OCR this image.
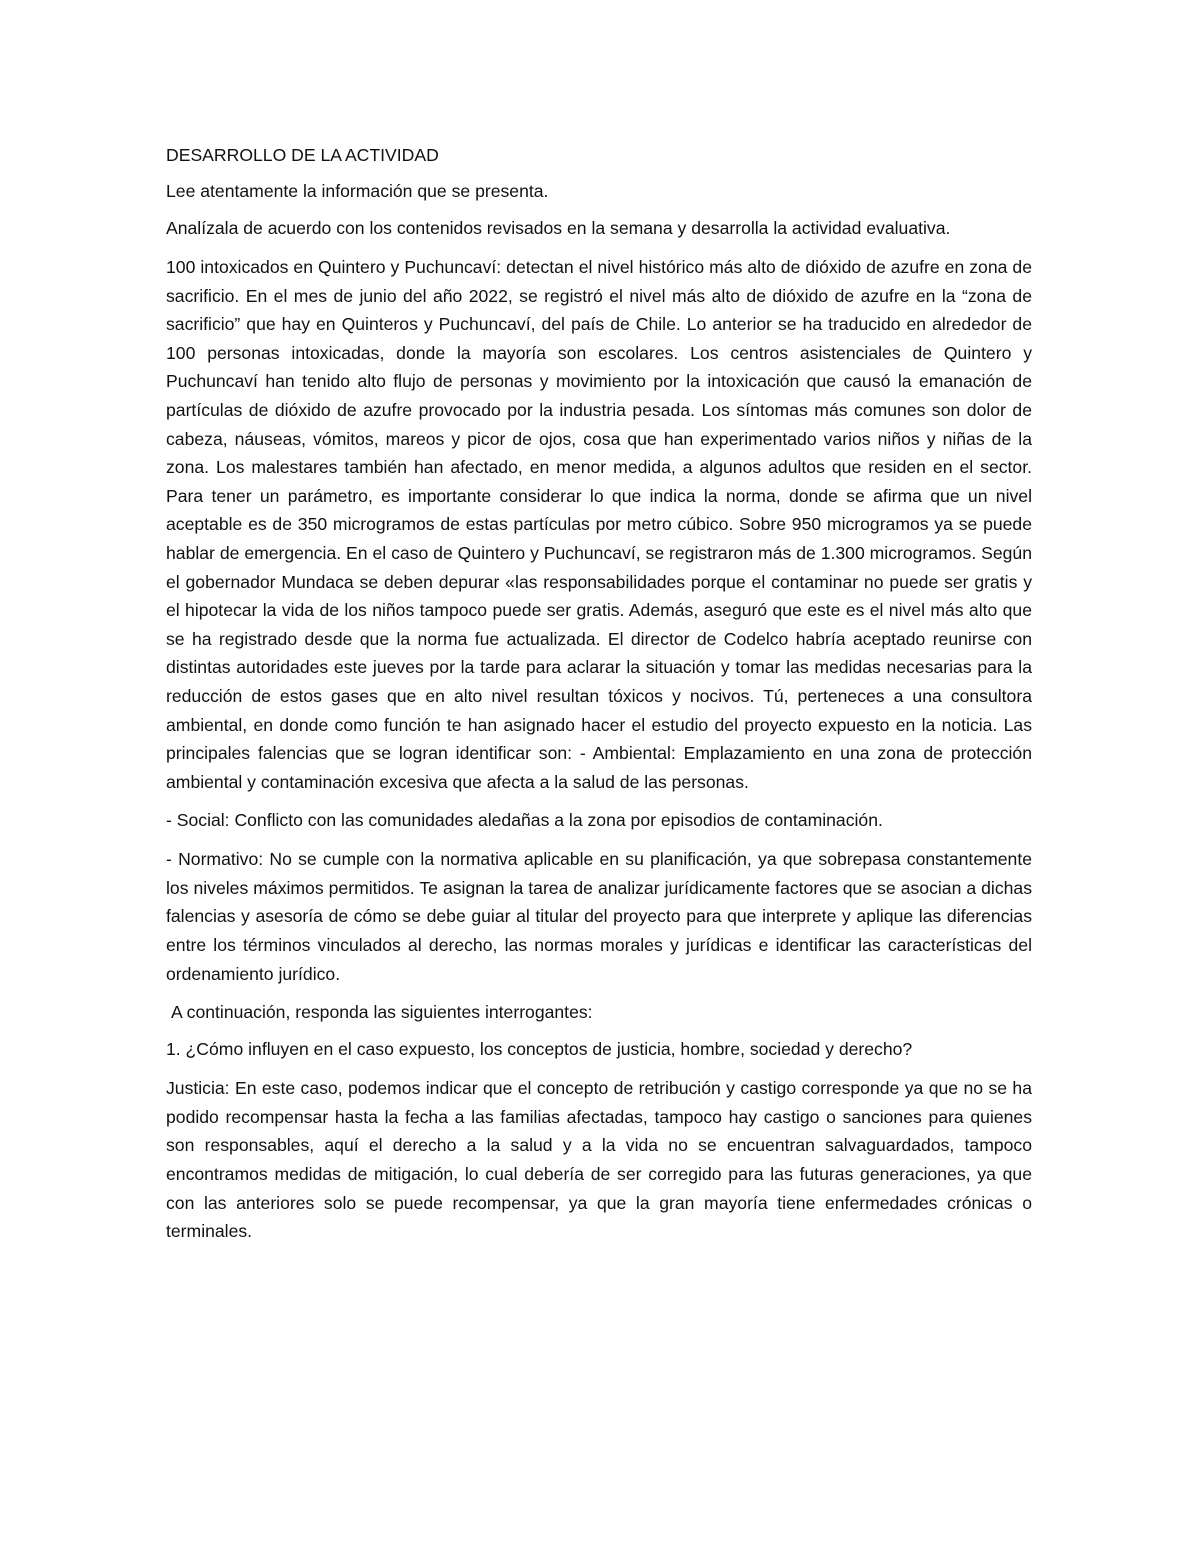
DESARROLLO DE LA ACTIVIDAD

Lee atentamente la información que se presenta.

Analízala de acuerdo con los contenidos revisados en la semana y desarrolla la actividad evaluativa.

100 intoxicados en Quintero y Puchuncaví: detectan el nivel histórico más alto de dióxido de azufre en zona de sacrificio. En el mes de junio del año 2022, se registró el nivel más alto de dióxido de azufre en la “zona de sacrificio” que hay en Quinteros y Puchuncaví, del país de Chile. Lo anterior se ha traducido en alrededor de 100 personas intoxicadas, donde la mayoría son escolares. Los centros asistenciales de Quintero y Puchuncaví han tenido alto flujo de personas y movimiento por la intoxicación que causó la emanación de partículas de dióxido de azufre provocado por la industria pesada. Los síntomas más comunes son dolor de cabeza, náuseas, vómitos, mareos y picor de ojos, cosa que han experimentado varios niños y niñas de la zona. Los malestares también han afectado, en menor medida, a algunos adultos que residen en el sector. Para tener un parámetro, es importante considerar lo que indica la norma, donde se afirma que un nivel aceptable es de 350 microgramos de estas partículas por metro cúbico. Sobre 950 microgramos ya se puede hablar de emergencia. En el caso de Quintero y Puchuncaví, se registraron más de 1.300 microgramos. Según el gobernador Mundaca se deben depurar «las responsabilidades porque el contaminar no puede ser gratis y el hipotecar la vida de los niños tampoco puede ser gratis. Además, aseguró que este es el nivel más alto que se ha registrado desde que la norma fue actualizada. El director de Codelco habría aceptado reunirse con distintas autoridades este jueves por la tarde para aclarar la situación y tomar las medidas necesarias para la reducción de estos gases que en alto nivel resultan tóxicos y nocivos. Tú, perteneces a una consultora ambiental, en donde como función te han asignado hacer el estudio del proyecto expuesto en la noticia. Las principales falencias que se logran identificar son: - Ambiental: Emplazamiento en una zona de protección ambiental y contaminación excesiva que afecta a la salud de las personas.

- Social: Conflicto con las comunidades aledañas a la zona por episodios de contaminación.

- Normativo: No se cumple con la normativa aplicable en su planificación, ya que sobrepasa constantemente los niveles máximos permitidos. Te asignan la tarea de analizar jurídicamente factores que se asocian a dichas falencias y asesoría de cómo se debe guiar al titular del proyecto para que interprete y aplique las diferencias entre los términos vinculados al derecho, las normas morales y jurídicas e identificar las características del ordenamiento jurídico.

A continuación, responda las siguientes interrogantes:

1. ¿Cómo influyen en el caso expuesto, los conceptos de justicia, hombre, sociedad y derecho?

Justicia: En este caso, podemos indicar que el concepto de retribución y castigo corresponde ya que no se ha podido recompensar hasta la fecha a las familias afectadas, tampoco hay castigo o sanciones para quienes son responsables, aquí el derecho a la salud y a la vida no se encuentran salvaguardados, tampoco encontramos medidas de mitigación, lo cual debería de ser corregido para las futuras generaciones, ya que con las anteriores solo se puede recompensar, ya que la gran mayoría tiene enfermedades crónicas o terminales.
